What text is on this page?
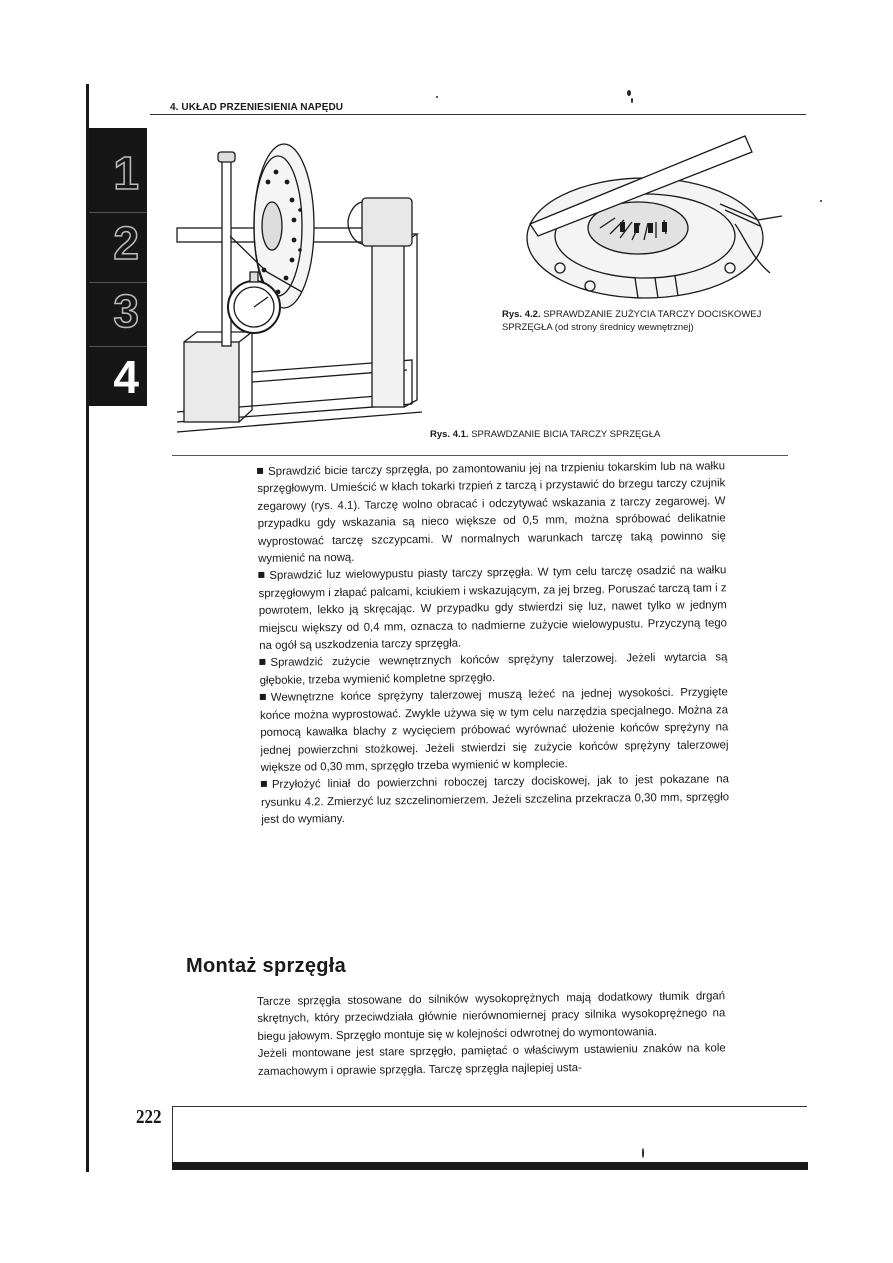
4. UKŁAD PRZENIESIENIA NAPĘDU
1
2
3
4
Rys. 4.1. SPRAWDZANIE BICIA TARCZY SPRZĘGŁA
Rys. 4.2. SPRAWDZANIE ZUŻYCIA TARCZY DOCISKOWEJ
SPRZĘGŁA (od strony średnicy wewnętrznej)

Sprawdzić bicie tarczy sprzęgła, po zamontowaniu jej na trzpieniu tokarskim lub na wałku sprzęgłowym. Umieścić w kłach tokarki trzpień z tarczą i przystawić do brzegu tarczy czujnik zegarowy (rys. 4.1). Tarczę wolno obracać i odczytywać wskazania z tarczy zegarowej. W przypadku gdy wskazania są nieco większe od 0,5 mm, można spróbować delikatnie wyprostować tarczę szczypcami. W normalnych warunkach tarczę taką powinno się wymienić na nową.

Sprawdzić luz wielowypustu piasty tarczy sprzęgła. W tym celu tarczę osadzić na wałku sprzęgłowym i złapać palcami, kciukiem i wskazującym, za jej brzeg. Poruszać tarczą tam i z powrotem, lekko ją skręcając. W przypadku gdy stwierdzi się luz, nawet tylko w jednym miejscu większy od 0,4 mm, oznacza to nadmierne zużycie wielowypustu. Przyczyną tego na ogół są uszkodzenia tarczy sprzęgła.

Sprawdzić zużycie wewnętrznych końców sprężyny talerzowej. Jeżeli wytarcia są głębokie, trzeba wymienić kompletne sprzęgło.

Wewnętrzne końce sprężyny talerzowej muszą leżeć na jednej wysokości. Przygięte końce można wyprostować. Zwykle używa się w tym celu narzędzia specjalnego. Można za pomocą kawałka blachy z wycięciem próbować wyrównać ułożenie końców sprężyny na jednej powierzchni stożkowej. Jeżeli stwierdzi się zużycie końców sprężyny talerzowej większe od 0,30 mm, sprzęgło trzeba wymienić w komplecie.

Przyłożyć liniał do powierzchni roboczej tarczy dociskowej, jak to jest pokazane na rysunku 4.2. Zmierzyć luz szczelinomierzem. Jeżeli szczelina przekracza 0,30 mm, sprzęgło jest do wymiany.

Montaż sprzęgła

Tarcze sprzęgła stosowane do silników wysokoprężnych mają dodatkowy tłumik drgań skrętnych, który przeciwdziała głównie nierównomiernej pracy silnika wysokoprężnego na biegu jałowym. Sprzęgło montuje się w kolejności odwrotnej do wymontowania.

Jeżeli montowane jest stare sprzęgło, pamiętać o właściwym ustawieniu znaków na kole zamachowym i oprawie sprzęgła. Tarczę sprzęgła najlepiej usta-

222
